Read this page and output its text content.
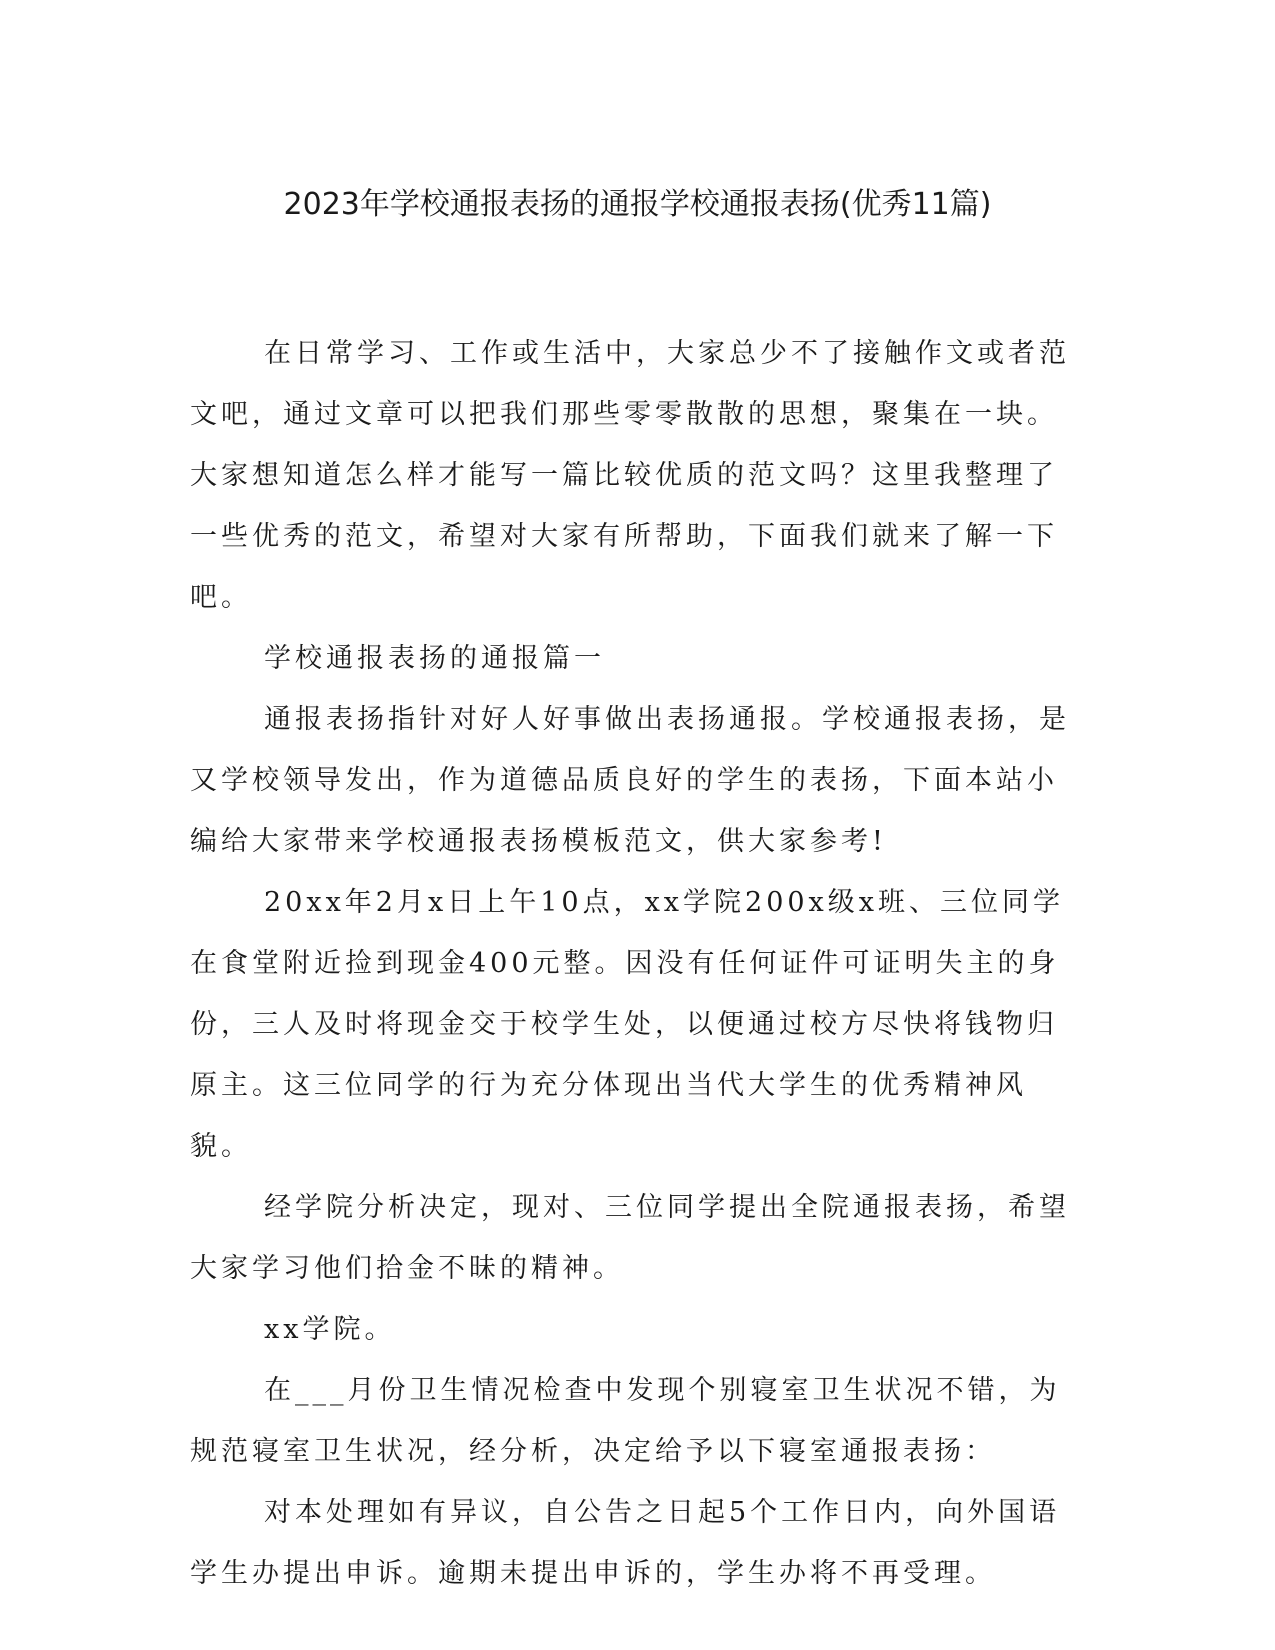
2023年学校通报表扬的通报学校通报表扬(优秀11篇)

在日常学习、工作或生活中，大家总少不了接触作文或者范文吧，通过文章可以把我们那些零零散散的思想，聚集在一块。大家想知道怎么样才能写一篇比较优质的范文吗？这里我整理了一些优秀的范文，希望对大家有所帮助，下面我们就来了解一下吧。

学校通报表扬的通报篇一

通报表扬指针对好人好事做出表扬通报。学校通报表扬，是又学校领导发出，作为道德品质良好的学生的表扬，下面本站小编给大家带来学校通报表扬模板范文，供大家参考!

20xx年2月x日上午10点，xx学院200x级x班、三位同学在食堂附近捡到现金400元整。因没有任何证件可证明失主的身份，三人及时将现金交于校学生处，以便通过校方尽快将钱物归原主。这三位同学的行为充分体现出当代大学生的优秀精神风貌。

经学院分析决定，现对、三位同学提出全院通报表扬，希望大家学习他们拾金不昧的精神。

xx学院。

在___月份卫生情况检查中发现个别寝室卫生状况不错，为规范寝室卫生状况，经分析，决定给予以下寝室通报表扬：

对本处理如有异议，自公告之日起5个工作日内，向外国语学生办提出申诉。逾期未提出申诉的，学生办将不再受理。
